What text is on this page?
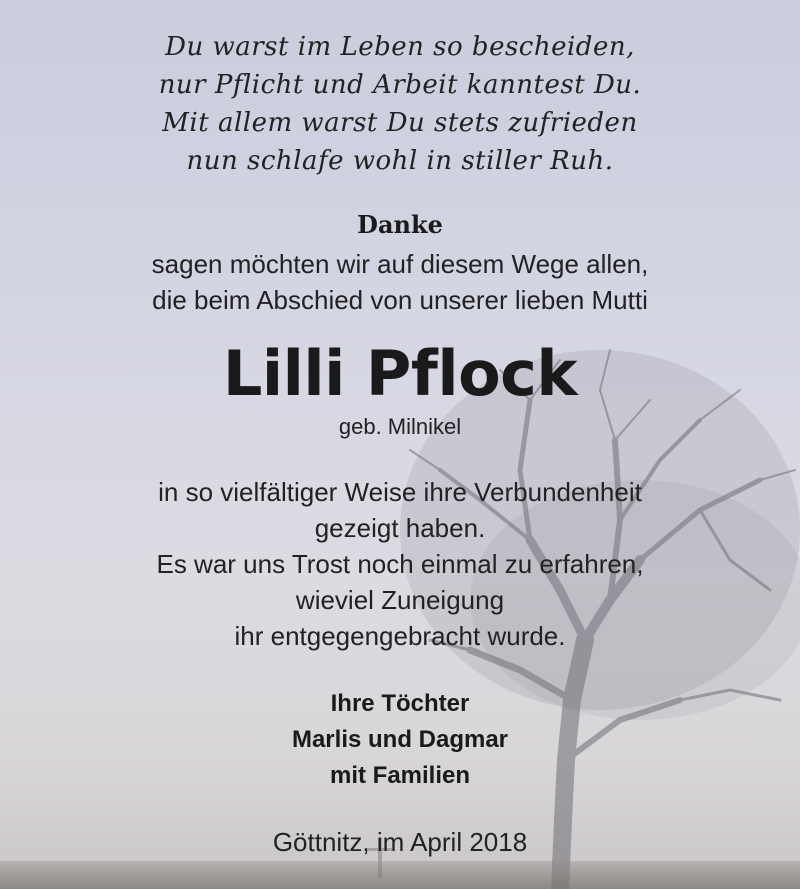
Du warst im Leben so bescheiden,
nur Pflicht und Arbeit kanntest Du.
Mit allem warst Du stets zufrieden
nun schlafe wohl in stiller Ruh.
Danke
sagen möchten wir auf diesem Wege allen,
die beim Abschied von unserer lieben Mutti
Lilli Pflock
geb. Milnikel
in so vielfältiger Weise ihre Verbundenheit
gezeigt haben.
Es war uns Trost noch einmal zu erfahren,
wieviel Zuneigung
ihr entgegengebracht wurde.
Ihre Töchter
Marlis und Dagmar
mit Familien
Göttnitz, im April 2018
